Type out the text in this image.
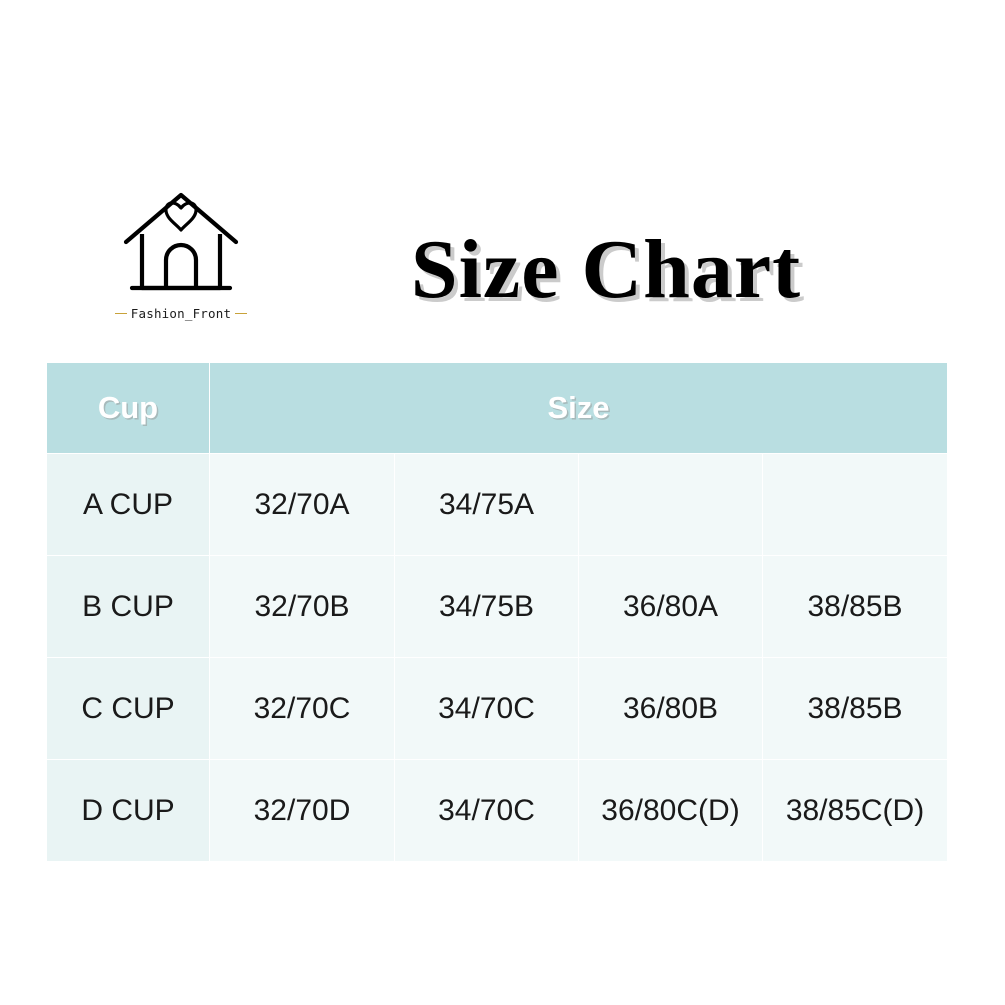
Fashion_Front	Size Chart
Cup	Size			
A CUP	32/70A	34/75A		
B CUP	32/70B	34/75B	36/80A	38/85B
C CUP	32/70C	34/70C	36/80B	38/85B
D CUP	32/70D	34/70C	36/80C(D)	38/85C(D)
